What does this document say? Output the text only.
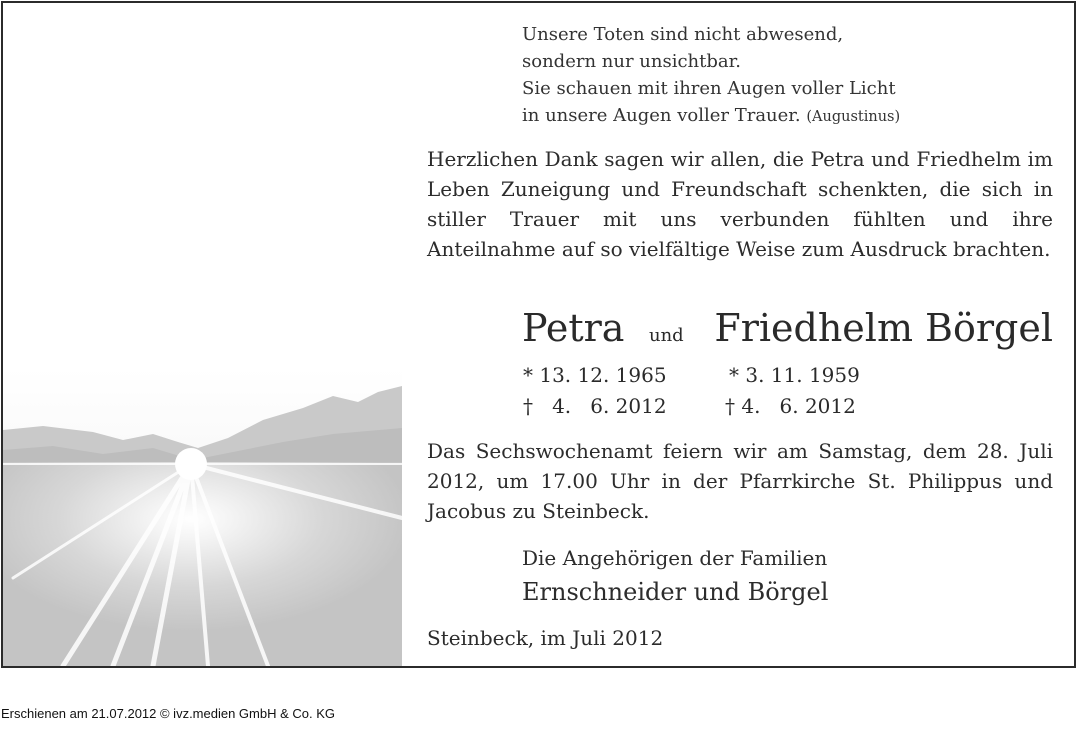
Unsere Toten sind nicht abwesend,
sondern nur unsichtbar.
Sie schauen mit ihren Augen voller Licht
in unsere Augen voller Trauer. (Augustinus)
Herzlichen Dank sagen wir allen, die Petra und Friedhelm im Leben Zuneigung und Freundschaft schenkten, die sich in stiller Trauer mit uns verbunden fühlten und ihre Anteilnahme auf so vielfältige Weise zum Ausdruck brachten.
Petra und Friedhelm Börgel
* 13. 12. 1965
†   4.   6. 2012
* 3. 11. 1959
† 4.   6. 2012
Das Sechswochenamt feiern wir am Samstag, dem 28. Juli 2012, um 17.00 Uhr in der Pfarrkirche St. Philippus und Jacobus zu Steinbeck.
Die Angehörigen der Familien
Ernschneider und Börgel
Steinbeck, im Juli 2012
Erschienen am 21.07.2012 © ivz.medien GmbH & Co. KG
